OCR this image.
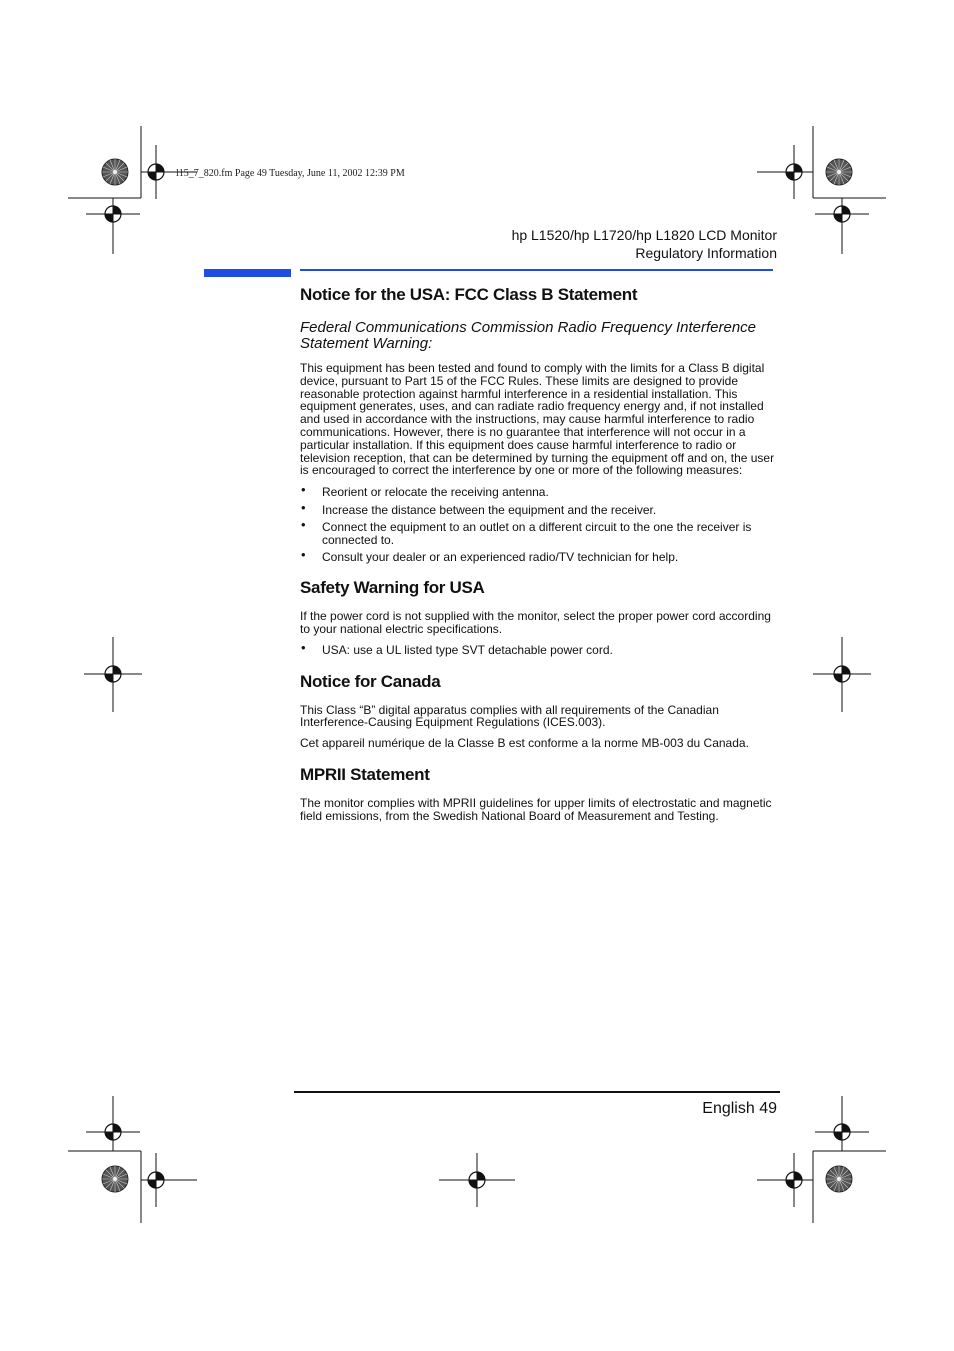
l15_7_820.fm Page 49 Tuesday, June 11, 2002 12:39 PM
hp L1520/hp L1720/hp L1820 LCD Monitor
Regulatory Information
Notice for the USA: FCC Class B Statement

Federal Communications Commission Radio Frequency Interference Statement Warning:

This equipment has been tested and found to comply with the limits for a Class B digital device, pursuant to Part 15 of the FCC Rules. These limits are designed to provide reasonable protection against harmful interference in a residential installation. This equipment generates, uses, and can radiate radio frequency energy and, if not installed and used in accordance with the instructions, may cause harmful interference to radio communications. However, there is no guarantee that interference will not occur in a particular installation. If this equipment does cause harmful interference to radio or television reception, that can be determined by turning the equipment off and on, the user is encouraged to correct the interference by one or more of the following measures:

• Reorient or relocate the receiving antenna.
• Increase the distance between the equipment and the receiver.
• Connect the equipment to an outlet on a different circuit to the one the receiver is connected to.
• Consult your dealer or an experienced radio/TV technician for help.
Safety Warning for USA

If the power cord is not supplied with the monitor, select the proper power cord according to your national electric specifications.

• USA: use a UL listed type SVT detachable power cord.
Notice for Canada

This Class “B” digital apparatus complies with all requirements of the Canadian Interference-Causing Equipment Regulations (ICES.003).

Cet appareil numérique de la Classe B est conforme a la norme MB-003 du Canada.

MPRII Statement

The monitor complies with MPRII guidelines for upper limits of electrostatic and magnetic field emissions, from the Swedish National Board of Measurement and Testing.

English 49
